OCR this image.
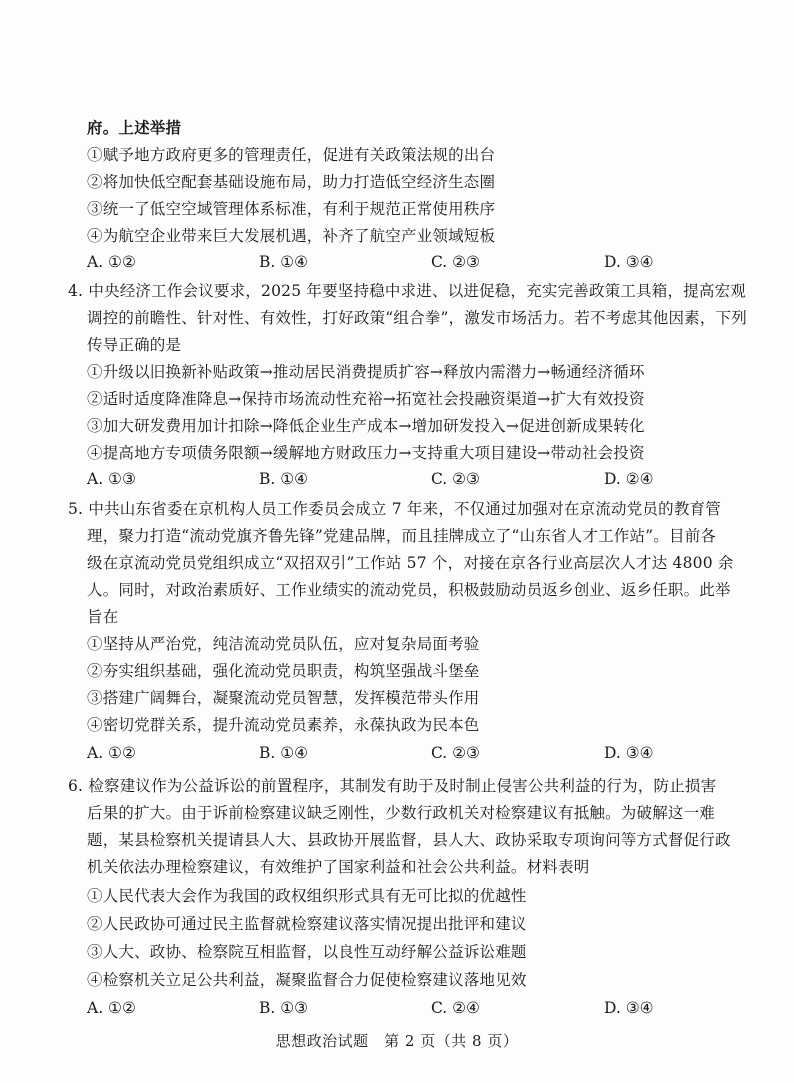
府。上述举措
①赋予地方政府更多的管理责任，促进有关政策法规的出台
②将加快低空配套基础设施布局，助力打造低空经济生态圈
③统一了低空空域管理体系标准，有利于规范正常使用秩序
④为航空企业带来巨大发展机遇，补齐了航空产业领域短板
A. ①②	B. ①④	C. ②③	D. ③④
4. 中央经济工作会议要求，2025 年要坚持稳中求进、以进促稳，充实完善政策工具箱，提高宏观
调控的前瞻性、针对性、有效性，打好政策“组合拳”，激发市场活力。若不考虑其他因素，下列
传导正确的是
①升级以旧换新补贴政策→推动居民消费提质扩容→释放内需潜力→畅通经济循环
②适时适度降准降息→保持市场流动性充裕→拓宽社会投融资渠道→扩大有效投资
③加大研发费用加计扣除→降低企业生产成本→增加研发投入→促进创新成果转化
④提高地方专项债务限额→缓解地方财政压力→支持重大项目建设→带动社会投资
A. ①③	B. ①④	C. ②③	D. ②④
5. 中共山东省委在京机构人员工作委员会成立 7 年来，不仅通过加强对在京流动党员的教育管
理，聚力打造“流动党旗齐鲁先锋”党建品牌，而且挂牌成立了“山东省人才工作站”。目前各
级在京流动党员党组织成立“双招双引”工作站 57 个，对接在京各行业高层次人才达 4800 余
人。同时，对政治素质好、工作业绩实的流动党员，积极鼓励动员返乡创业、返乡任职。此举
旨在
①坚持从严治党，纯洁流动党员队伍，应对复杂局面考验
②夯实组织基础，强化流动党员职责，构筑坚强战斗堡垒
③搭建广阔舞台，凝聚流动党员智慧，发挥模范带头作用
④密切党群关系，提升流动党员素养，永葆执政为民本色
A. ①②	B. ①④	C. ②③	D. ③④
6. 检察建议作为公益诉讼的前置程序，其制发有助于及时制止侵害公共利益的行为，防止损害
后果的扩大。由于诉前检察建议缺乏刚性，少数行政机关对检察建议有抵触。为破解这一难
题，某县检察机关提请县人大、县政协开展监督，县人大、政协采取专项询问等方式督促行政
机关依法办理检察建议，有效维护了国家利益和社会公共利益。材料表明
①人民代表大会作为我国的政权组织形式具有无可比拟的优越性
②人民政协可通过民主监督就检察建议落实情况提出批评和建议
③人大、政协、检察院互相监督，以良性互动纾解公益诉讼难题
④检察机关立足公共利益，凝聚监督合力促使检察建议落地见效
A. ①②	B. ①③	C. ②④	D. ③④
思想政治试题　第 2 页（共 8 页）
